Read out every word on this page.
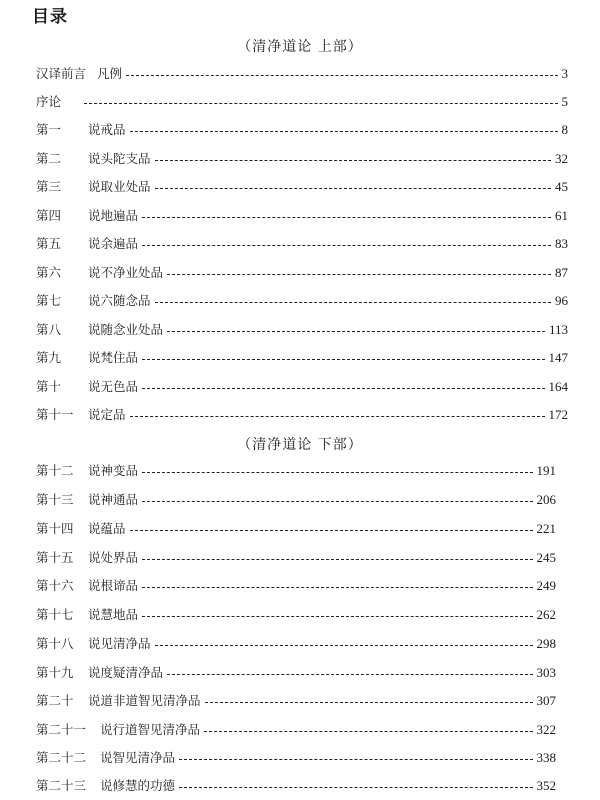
目录
（清净道论 上部）
汉译前言 凡例	3
序论	5
第一	说戒品	8
第二	说头陀支品	32
第三	说取业处品	45
第四	说地遍品	61
第五	说余遍品	83
第六	说不净业处品	87
第七	说六随念品	96
第八	说随念业处品	113
第九	说梵住品	147
第十	说无色品	164
第十一	说定品	172
（清净道论 下部）
第十二	说神变品	191
第十三	说神通品	206
第十四	说蕴品	221
第十五	说处界品	245
第十六	说根谛品	249
第十七	说慧地品	262
第十八	说见清净品	298
第十九	说度疑清净品	303
第二十	说道非道智见清净品	307
第二十一	说行道智见清净品	322
第二十二	说智见清净品	338
第二十三	说修慧的功德	352
